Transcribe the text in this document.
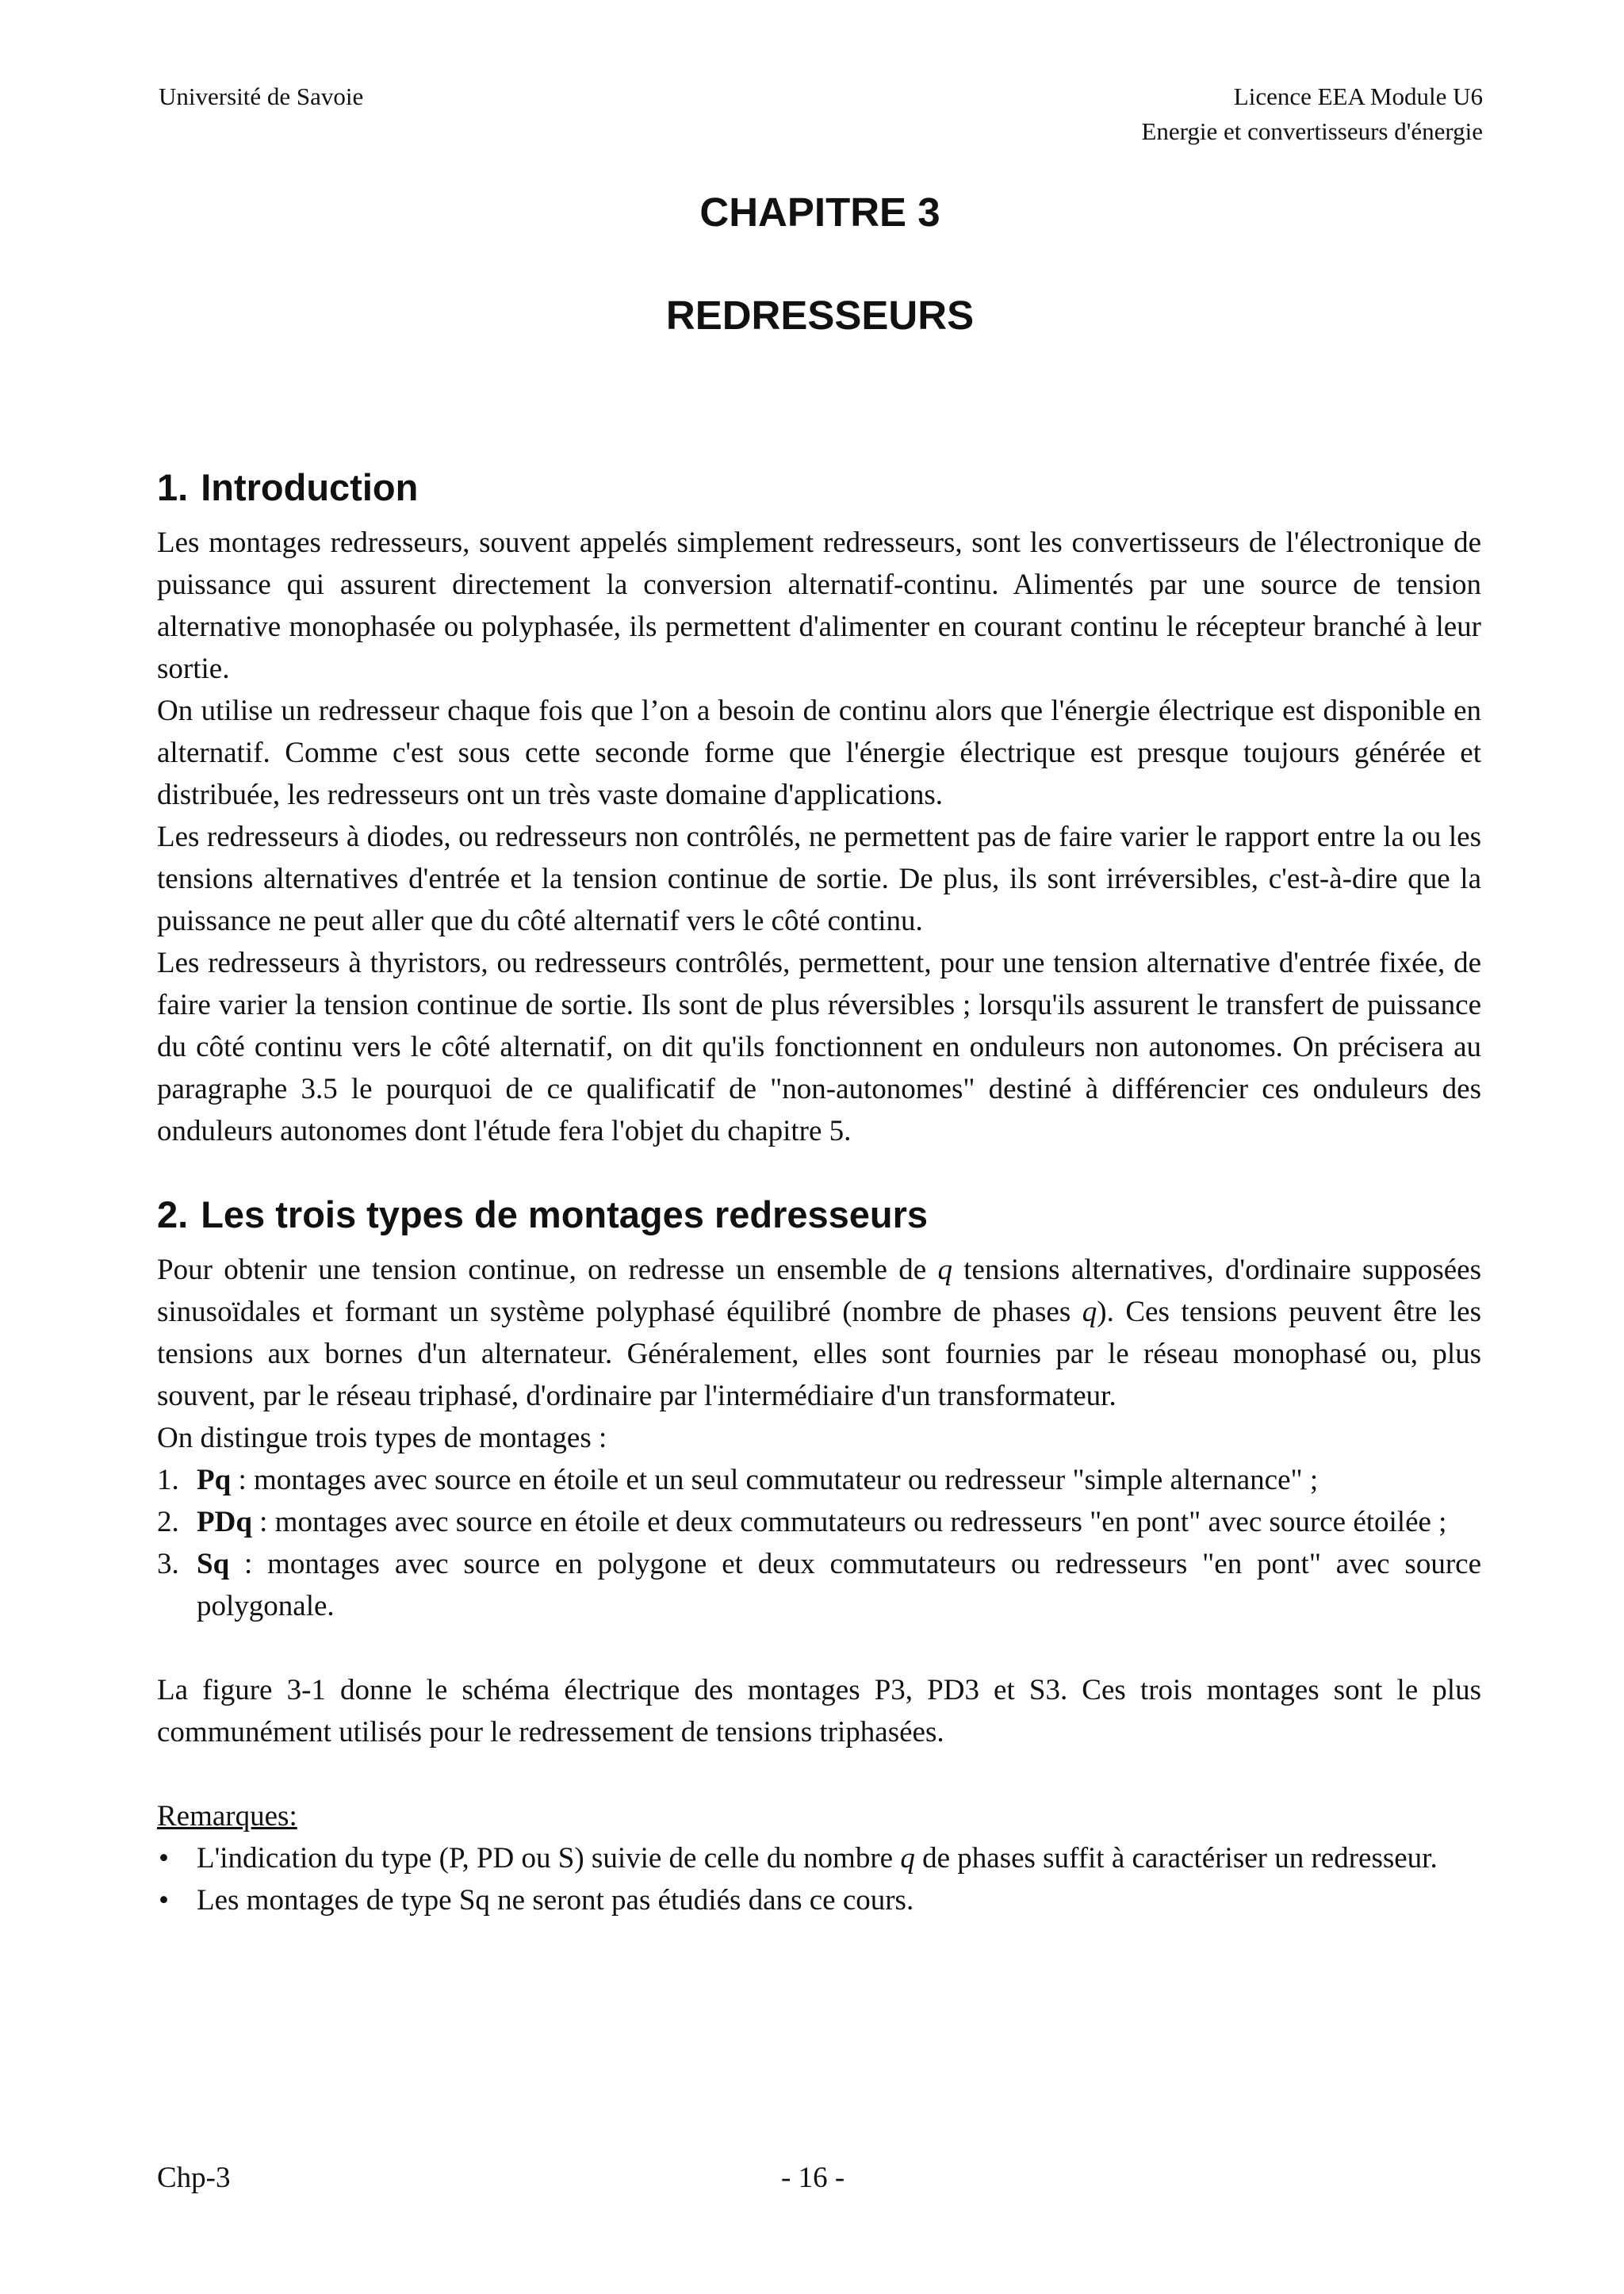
Université de Savoie	Licence EEA Module U6
Energie et convertisseurs d'énergie
CHAPITRE 3
REDRESSEURS
1. Introduction

Les montages redresseurs, souvent appelés simplement redresseurs, sont les convertisseurs de l'électronique de puissance qui assurent directement la conversion alternatif-continu. Alimentés par une source de tension alternative monophasée ou polyphasée, ils permettent d'alimenter en courant continu le récepteur branché à leur sortie.

On utilise un redresseur chaque fois que l’on a besoin de continu alors que l'énergie électrique est disponible en alternatif. Comme c'est sous cette seconde forme que l'énergie électrique est presque toujours générée et distribuée, les redresseurs ont un très vaste domaine d'applications.

Les redresseurs à diodes, ou redresseurs non contrôlés, ne permettent pas de faire varier le rapport entre la ou les tensions alternatives d'entrée et la tension continue de sortie. De plus, ils sont irréversibles, c'est-à-dire que la puissance ne peut aller que du côté alternatif vers le côté continu.

Les redresseurs à thyristors, ou redresseurs contrôlés, permettent, pour une tension alternative d'entrée fixée, de faire varier la tension continue de sortie. Ils sont de plus réversibles ; lorsqu'ils assurent le transfert de puissance du côté continu vers le côté alternatif, on dit qu'ils fonctionnent en onduleurs non autonomes. On précisera au paragraphe 3.5 le pourquoi de ce qualificatif de "non-autonomes" destiné à différencier ces onduleurs des onduleurs autonomes dont l'étude fera l'objet du chapitre 5.

2. Les trois types de montages redresseurs

Pour obtenir une tension continue, on redresse un ensemble de q tensions alternatives, d'ordinaire supposées sinusoïdales et formant un système polyphasé équilibré (nombre de phases q). Ces tensions peuvent être les tensions aux bornes d'un alternateur. Généralement, elles sont fournies par le réseau monophasé ou, plus souvent, par le réseau triphasé, d'ordinaire par l'intermédiaire d'un transformateur.

On distingue trois types de montages :

1. Pq : montages avec source en étoile et un seul commutateur ou redresseur "simple alternance" ;
2. PDq : montages avec source en étoile et deux commutateurs ou redresseurs "en pont" avec source étoilée ;
3. Sq : montages avec source en polygone et deux commutateurs ou redresseurs "en pont" avec source polygonale.

La figure 3-1 donne le schéma électrique des montages P3, PD3 et S3. Ces trois montages sont le plus communément utilisés pour le redressement de tensions triphasées.

Remarques:
• L'indication du type (P, PD ou S) suivie de celle du nombre q de phases suffit à caractériser un redresseur.
• Les montages de type Sq ne seront pas étudiés dans ce cours.
Chp-3	- 16 -
